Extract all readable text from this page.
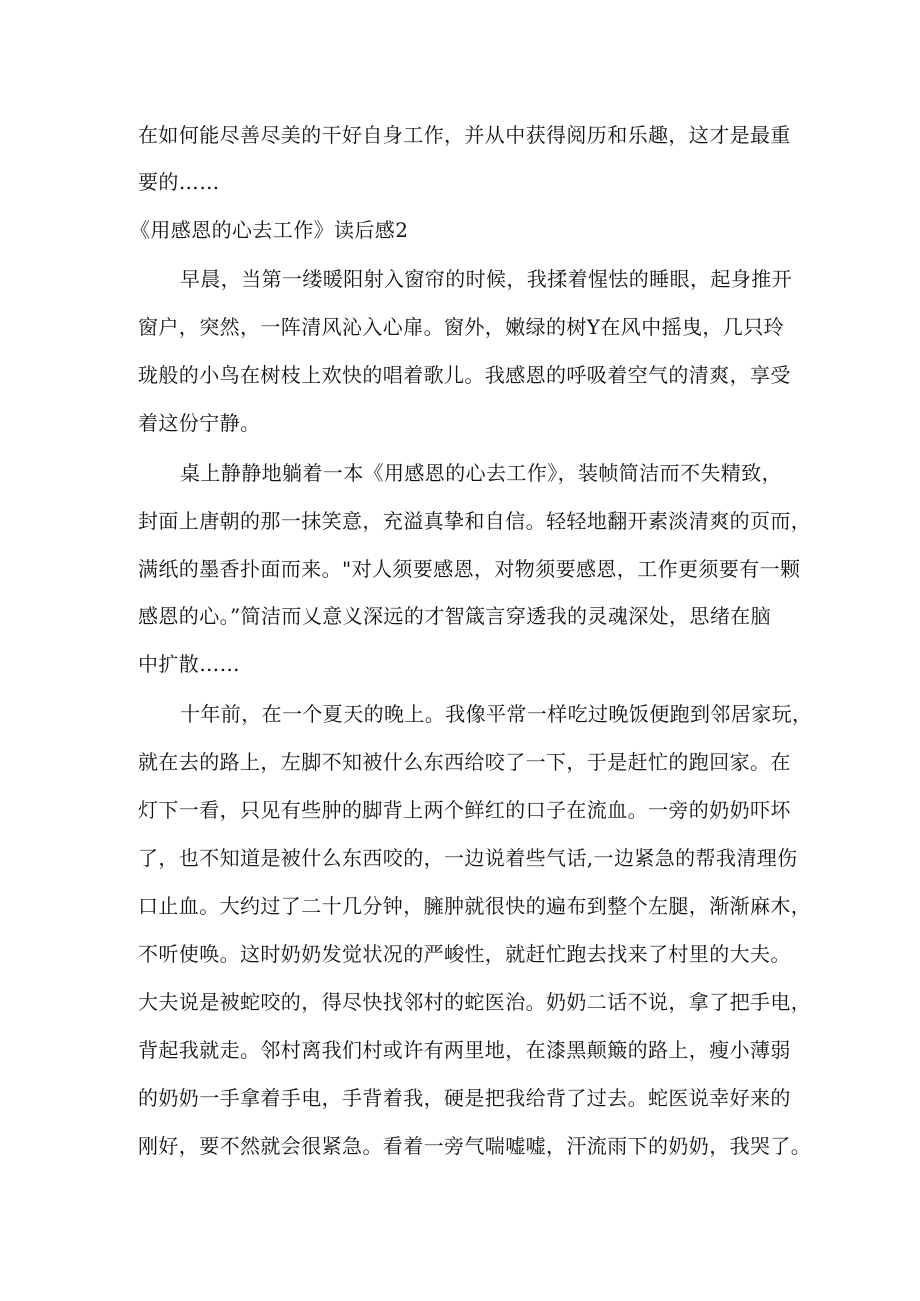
在如何能尽善尽美的干好自身工作，并从中获得阅历和乐趣，这才是最重
要的……
《用感恩的心去工作》读后感2
早晨，当第一缕暖阳射入窗帘的时候，我揉着惺怯的睡眼，起身推开
窗户，突然，一阵清风沁入心扉。窗外，嫩绿的树Y在风中摇曳，几只玲
珑般的小鸟在树枝上欢快的唱着歌儿。我感恩的呼吸着空气的清爽，享受
着这份宁静。
桌上静静地躺着一本《用感恩的心去工作》，装帧简洁而不失精致，
封面上唐朝的那一抹笑意，充溢真挚和自信。轻轻地翻开素淡清爽的页而，
满纸的墨香扑面而来。"对人须要感恩，对物须要感恩，工作更须要有一颗
感恩的心。”简洁而乂意义深远的才智箴言穿透我的灵魂深处，思绪在脑
中扩散……
十年前，在一个夏天的晚上。我像平常一样吃过晚饭便跑到邻居家玩，
就在去的路上，左脚不知被什么东西给咬了一下，于是赶忙的跑回家。在
灯下一看，只见有些肿的脚背上两个鲜红的口子在流血。一旁的奶奶吓坏
了，也不知道是被什么东西咬的，一边说着些气话,一边紧急的帮我清理伤
口止血。大约过了二十几分钟，臃肿就很快的遍布到整个左腿，渐渐麻木，
不听使唤。这时奶奶发觉状况的严峻性，就赶忙跑去找来了村里的大夫。
大夫说是被蛇咬的，得尽快找邻村的蛇医治。奶奶二话不说，拿了把手电，
背起我就走。邻村离我们村或许有两里地，在漆黑颠簸的路上，瘦小薄弱
的奶奶一手拿着手电，手背着我，硬是把我给背了过去。蛇医说幸好来的
刚好，要不然就会很紧急。看着一旁气喘嘘嘘，汗流雨下的奶奶，我哭了。
